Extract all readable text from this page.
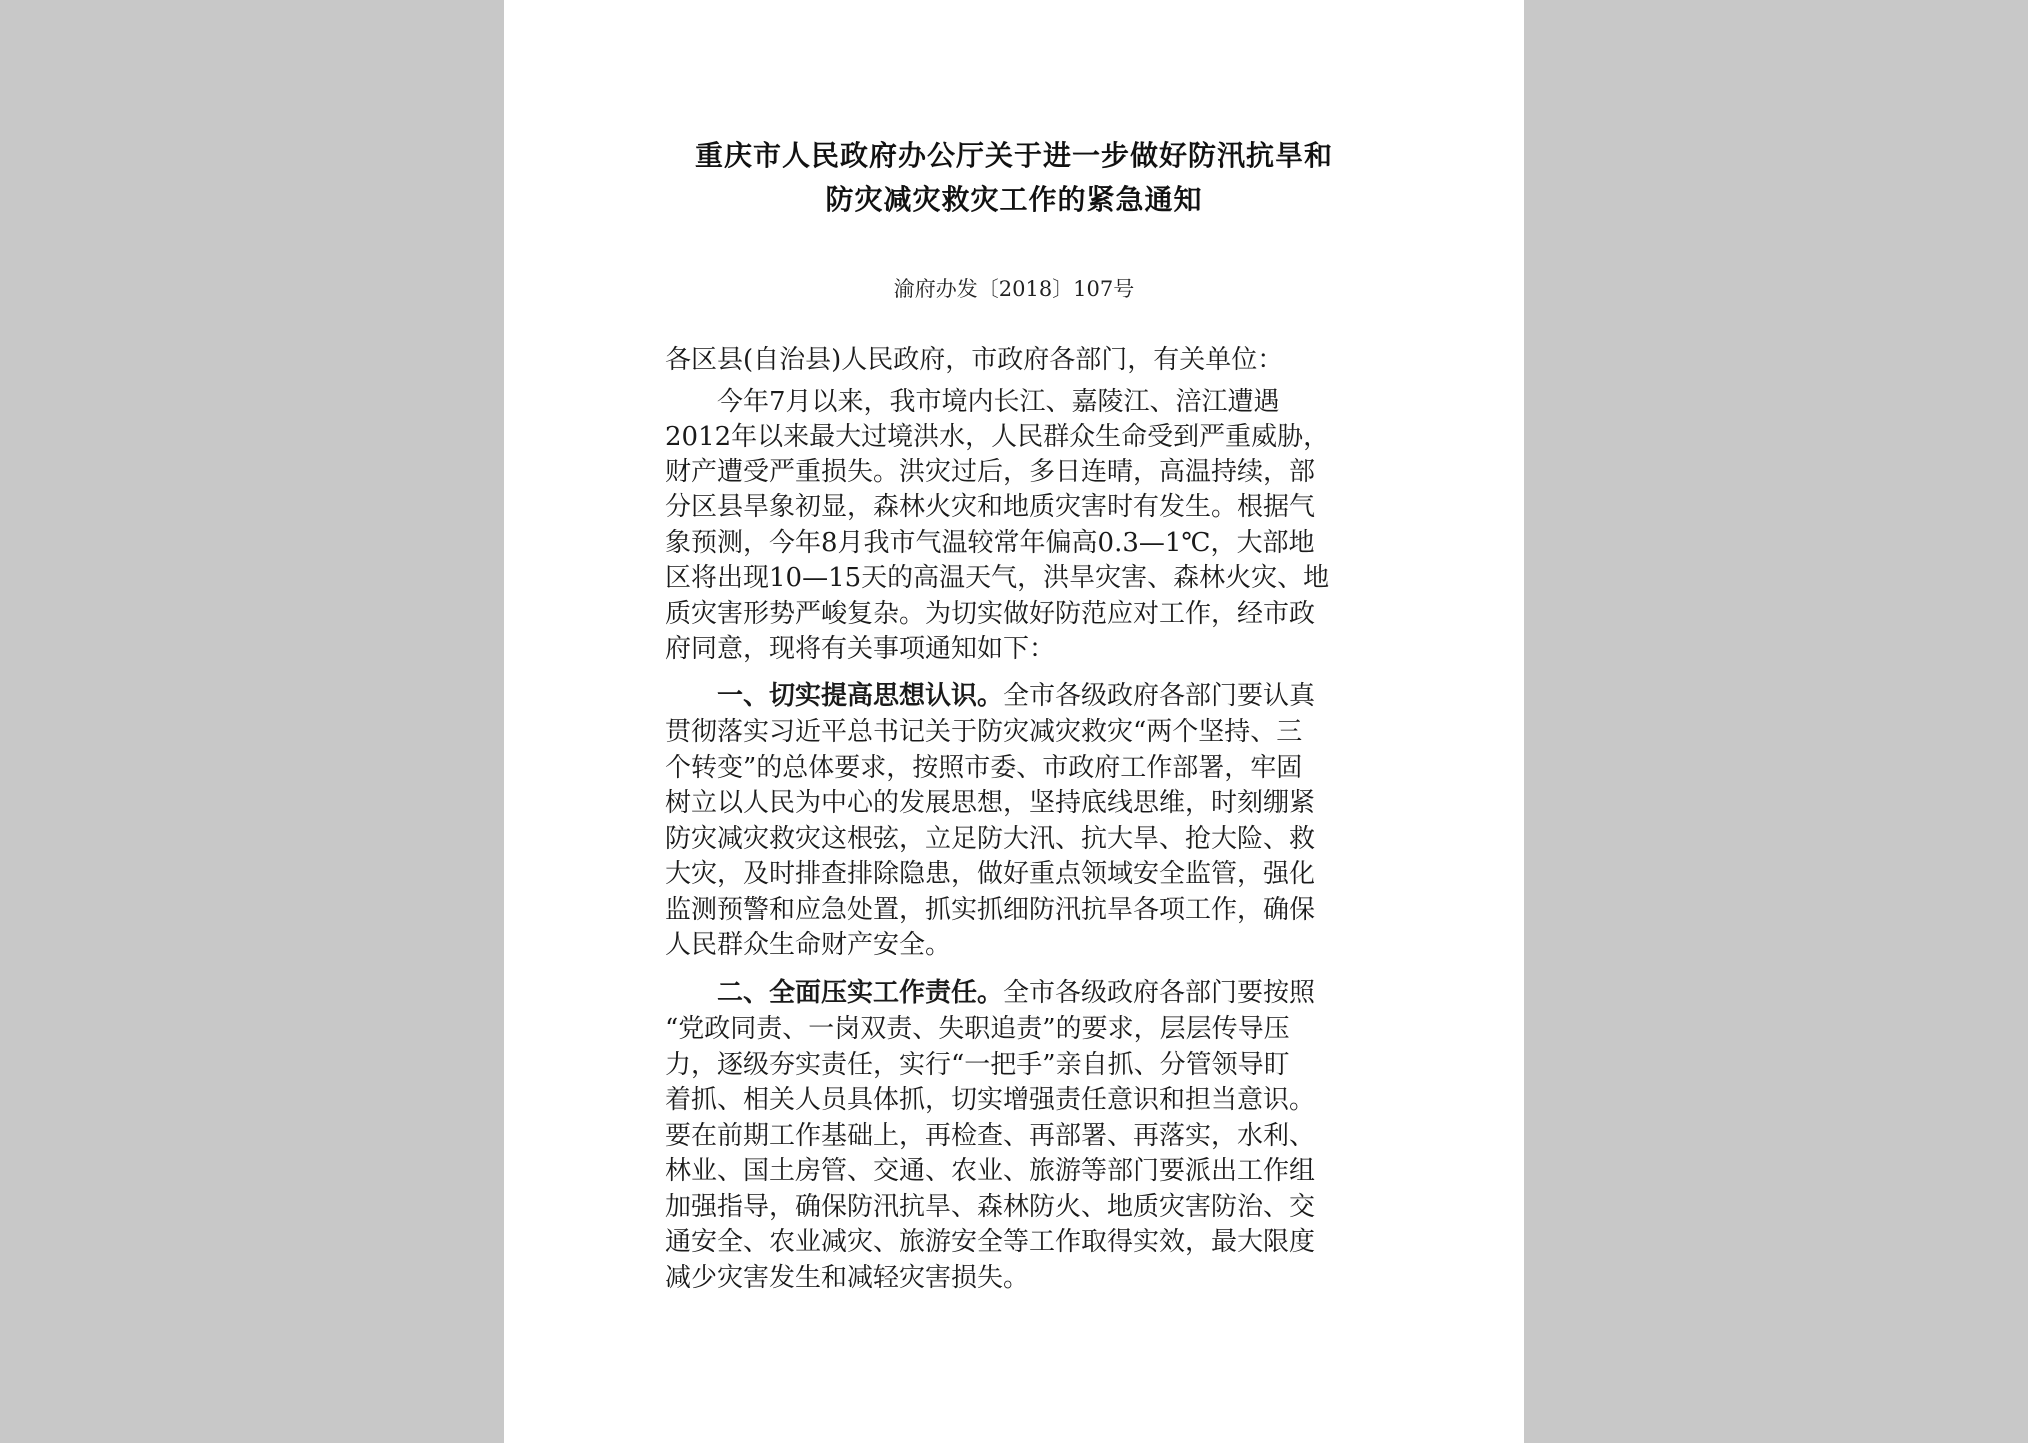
重庆市人民政府办公厅关于进一步做好防汛抗旱和
防灾减灾救灾工作的紧急通知
渝府办发〔2018〕107号
各区县(自治县)人民政府，市政府各部门，有关单位：
今年7月以来，我市境内长江、嘉陵江、涪江遭遇
2012年以来最大过境洪水，人民群众生命受到严重威胁，
财产遭受严重损失。洪灾过后，多日连晴，高温持续，部
分区县旱象初显，森林火灾和地质灾害时有发生。根据气
象预测，今年8月我市气温较常年偏高0.3—1℃，大部地
区将出现10—15天的高温天气，洪旱灾害、森林火灾、地
质灾害形势严峻复杂。为切实做好防范应对工作，经市政
府同意，现将有关事项通知如下：
一、切实提高思想认识。全市各级政府各部门要认真
贯彻落实习近平总书记关于防灾减灾救灾“两个坚持、三
个转变”的总体要求，按照市委、市政府工作部署，牢固
树立以人民为中心的发展思想，坚持底线思维，时刻绷紧
防灾减灾救灾这根弦，立足防大汛、抗大旱、抢大险、救
大灾，及时排查排除隐患，做好重点领域安全监管，强化
监测预警和应急处置，抓实抓细防汛抗旱各项工作，确保
人民群众生命财产安全。
二、全面压实工作责任。全市各级政府各部门要按照
“党政同责、一岗双责、失职追责”的要求，层层传导压
力，逐级夯实责任，实行“一把手”亲自抓、分管领导盯
着抓、相关人员具体抓，切实增强责任意识和担当意识。
要在前期工作基础上，再检查、再部署、再落实，水利、
林业、国土房管、交通、农业、旅游等部门要派出工作组
加强指导，确保防汛抗旱、森林防火、地质灾害防治、交
通安全、农业减灾、旅游安全等工作取得实效，最大限度
减少灾害发生和减轻灾害损失。
